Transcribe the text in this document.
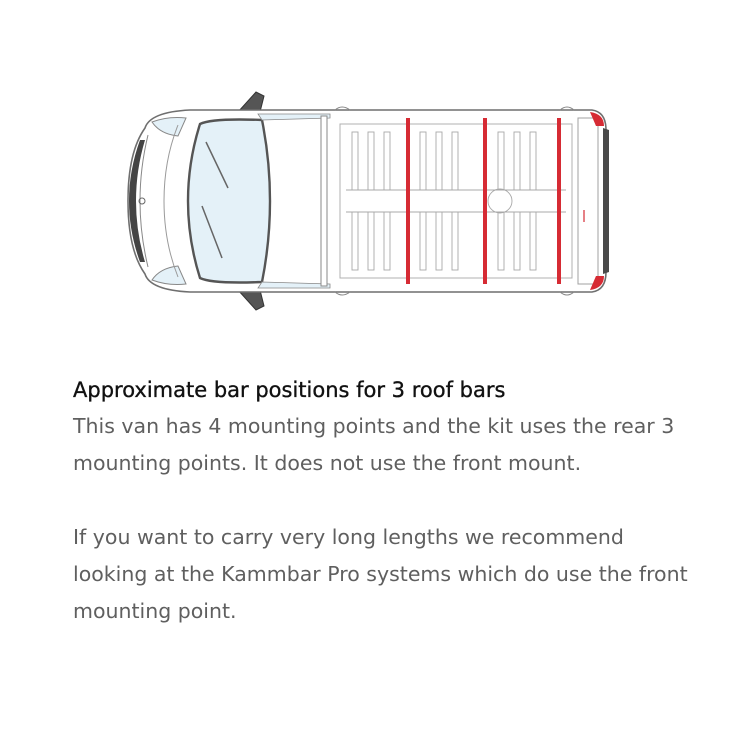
Approximate bar positions for 3 roof bars

This van has 4 mounting points and the kit uses the rear 3 mounting points. It does not use the front mount.

If you want to carry very long lengths we recommend looking at the Kammbar Pro systems which do use the front mounting point.
